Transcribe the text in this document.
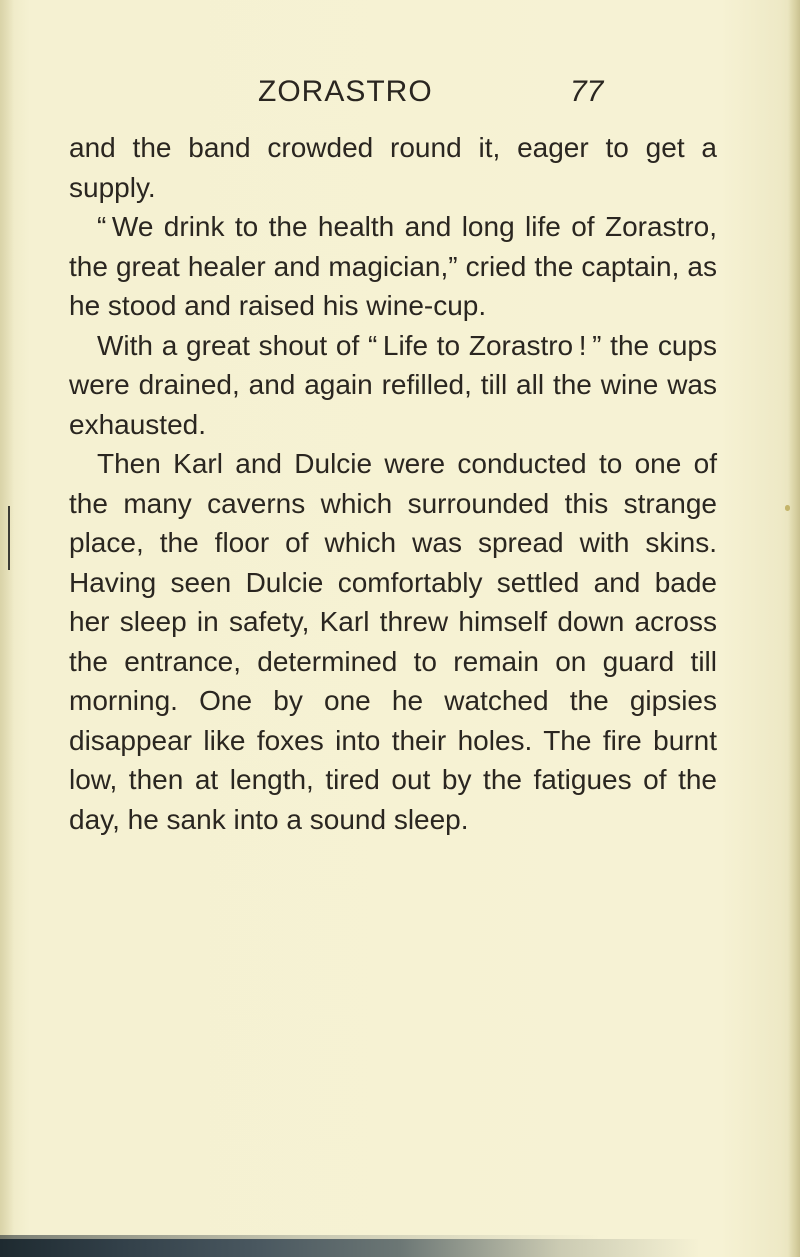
ZORASTRO	77

and the band crowded round it, eager to get a supply.

“ We drink to the health and long life of Zorastro, the great healer and magician,” cried the captain, as he stood and raised his wine-cup.

With a great shout of “ Life to Zorastro ! ” the cups were drained, and again refilled, till all the wine was exhausted.

Then Karl and Dulcie were conducted to one of the many caverns which surrounded this strange place, the floor of which was spread with skins. Having seen Dulcie comfortably settled and bade her sleep in safety, Karl threw himself down across the entrance, determined to remain on guard till morning. One by one he watched the gipsies disappear like foxes into their holes. The fire burnt low, then at length, tired out by the fatigues of the day, he sank into a sound sleep.
